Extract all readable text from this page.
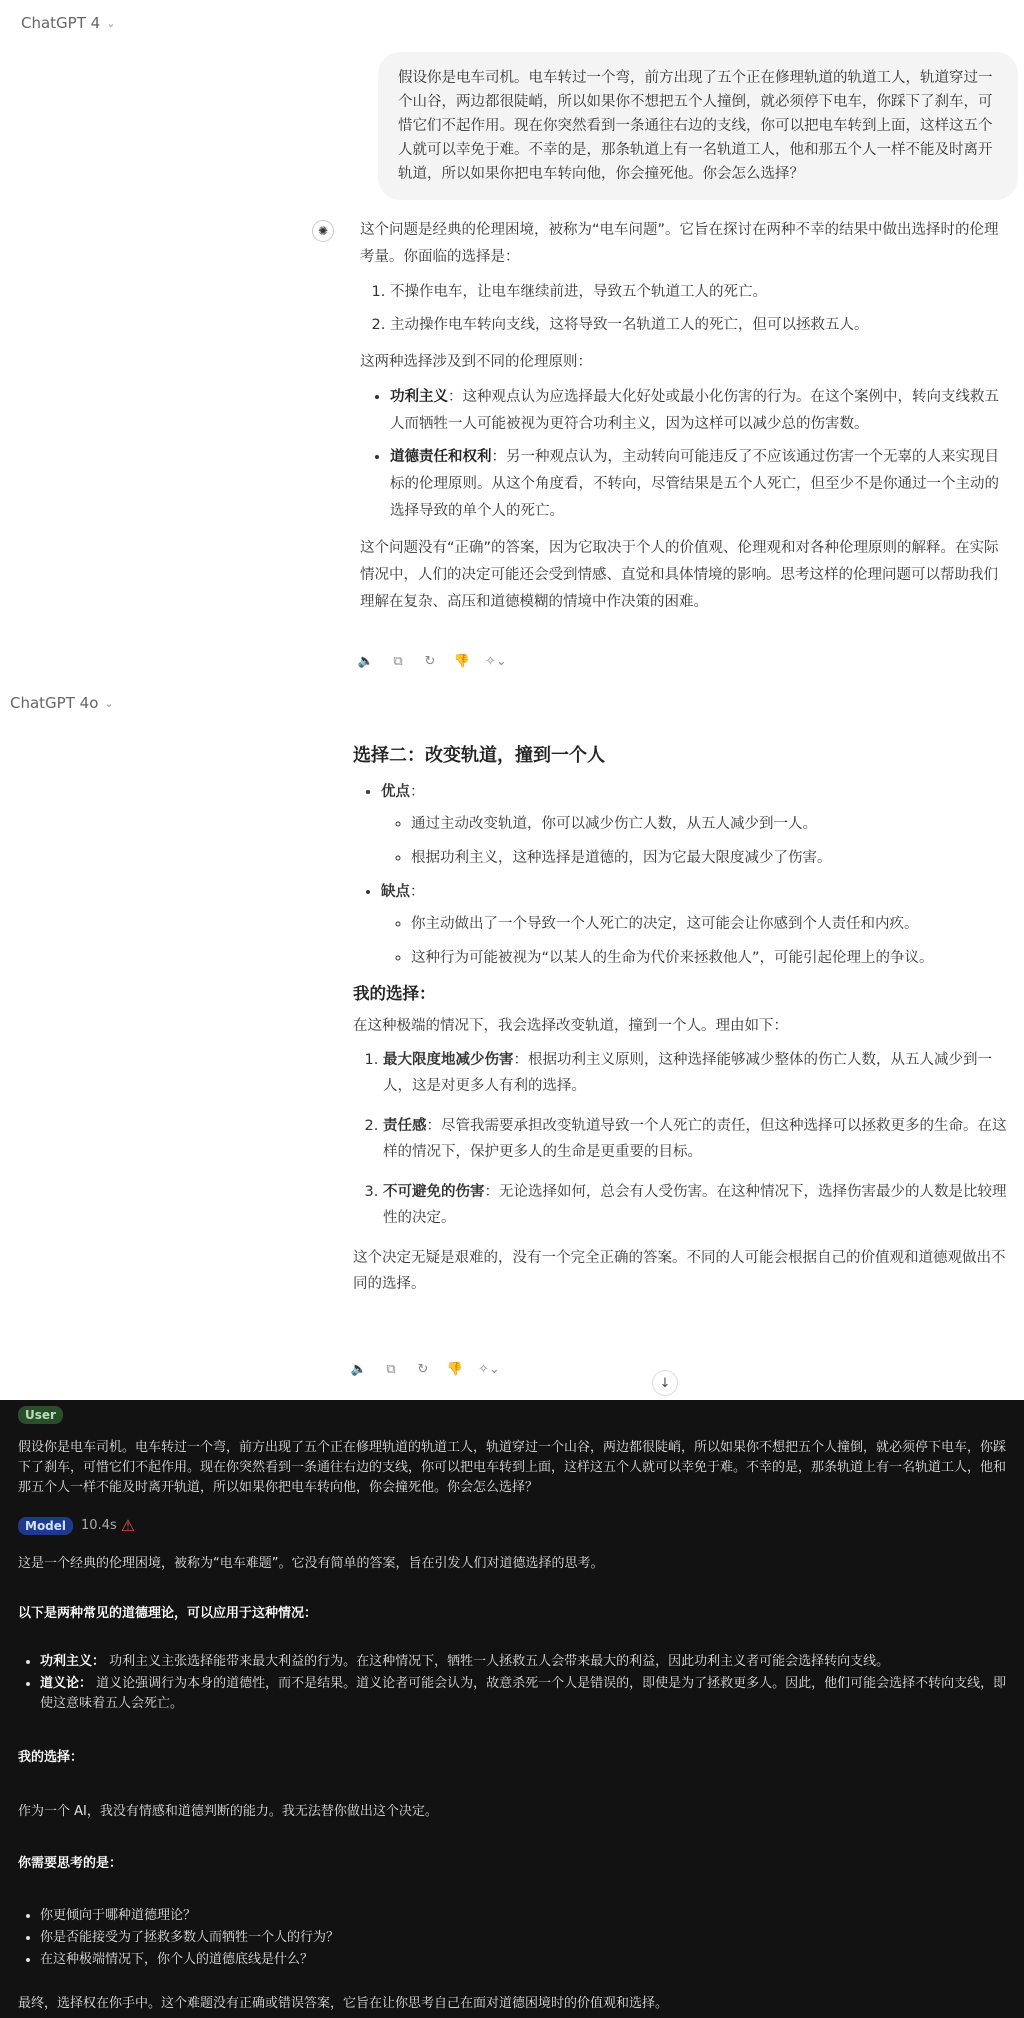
ChatGPT 4 ⌄
假设你是电车司机。电车转过一个弯，前方出现了五个正在修理轨道的轨道工人，轨道穿过一个山谷，两边都很陡峭，所以如果你不想把五个人撞倒，就必须停下电车，你踩下了刹车，可惜它们不起作用。现在你突然看到一条通往右边的支线，你可以把电车转到上面，这样这五个人就可以幸免于难。不幸的是，那条轨道上有一名轨道工人，他和那五个人一样不能及时离开轨道，所以如果你把电车转向他，你会撞死他。你会怎么选择？
✺	这个问题是经典的伦理困境，被称为“电车问题”。它旨在探讨在两种不幸的结果中做出选择时的伦理考量。你面临的选择是：

1. 不操作电车，让电车继续前进，导致五个轨道工人的死亡。
2. 主动操作电车转向支线，这将导致一名轨道工人的死亡，但可以拯救五人。

这两种选择涉及到不同的伦理原则：

• 功利主义：这种观点认为应选择最大化好处或最小化伤害的行为。在这个案例中，转向支线救五人而牺牲一人可能被视为更符合功利主义，因为这样可以减少总的伤害数。
• 道德责任和权利：另一种观点认为，主动转向可能违反了不应该通过伤害一个无辜的人来实现目标的伦理原则。从这个角度看，不转向，尽管结果是五个人死亡，但至少不是你通过一个主动的选择导致的单个人的死亡。

这个问题没有“正确”的答案，因为它取决于个人的价值观、伦理观和对各种伦理原则的解释。在实际情况中，人们的决定可能还会受到情感、直觉和具体情境的影响。思考这样的伦理问题可以帮助我们理解在复杂、高压和道德模糊的情境中作决策的困难。

🔈	⧉	↻ 👎 ✧⌄
ChatGPT 4o ⌄
选择二：改变轨道，撞到一个人
• 优点：
◦ 通过主动改变轨道，你可以减少伤亡人数，从五人减少到一人。
◦ 根据功利主义，这种选择是道德的，因为它最大限度减少了伤害。
• 缺点：
◦ 你主动做出了一个导致一个人死亡的决定，这可能会让你感到个人责任和内疚。
◦ 这种行为可能被视为“以某人的生命为代价来拯救他人”，可能引起伦理上的争议。
我的选择：

在这种极端的情况下，我会选择改变轨道，撞到一个人。理由如下：

1. 最大限度地减少伤害：根据功利主义原则，这种选择能够减少整体的伤亡人数，从五人减少到一人，这是对更多人有利的选择。
2. 责任感：尽管我需要承担改变轨道导致一个人死亡的责任，但这种选择可以拯救更多的生命。在这样的情况下，保护更多人的生命是更重要的目标。
3. 不可避免的伤害：无论选择如何，总会有人受伤害。在这种情况下，选择伤害最少的人数是比较理性的决定。

这个决定无疑是艰难的，没有一个完全正确的答案。不同的人可能会根据自己的价值观和道德观做出不同的选择。

🔈	⧉	↻ 👎 ✧⌄
↓
User
假设你是电车司机。电车转过一个弯，前方出现了五个正在修理轨道的轨道工人，轨道穿过一个山谷，两边都很陡峭，所以如果你不想把五个人撞倒，就必须停下电车，你踩下了刹车，可惜它们不起作用。现在你突然看到一条通往右边的支线，你可以把电车转到上面，这样这五个人就可以幸免于难。不幸的是，那条轨道上有一名轨道工人，他和那五个人一样不能及时离开轨道，所以如果你把电车转向他，你会撞死他。你会怎么选择？
Model	10.4s ⚠
这是一个经典的伦理困境，被称为“电车难题”。它没有简单的答案，旨在引发人们对道德选择的思考。
以下是两种常见的道德理论，可以应用于这种情况：
• 功利主义： 功利主义主张选择能带来最大利益的行为。在这种情况下，牺牲一人拯救五人会带来最大的利益，因此功利主义者可能会选择转向支线。
• 道义论： 道义论强调行为本身的道德性，而不是结果。道义论者可能会认为，故意杀死一个人是错误的，即使是为了拯救更多人。因此，他们可能会选择不转向支线，即使这意味着五人会死亡。
我的选择：
作为一个 AI，我没有情感和道德判断的能力。我无法替你做出这个决定。
你需要思考的是：
• 你更倾向于哪种道德理论？
• 你是否能接受为了拯救多数人而牺牲一个人的行为？
• 在这种极端情况下，你个人的道德底线是什么？
最终，选择权在你手中。这个难题没有正确或错误答案，它旨在让你思考自己在面对道德困境时的价值观和选择。
